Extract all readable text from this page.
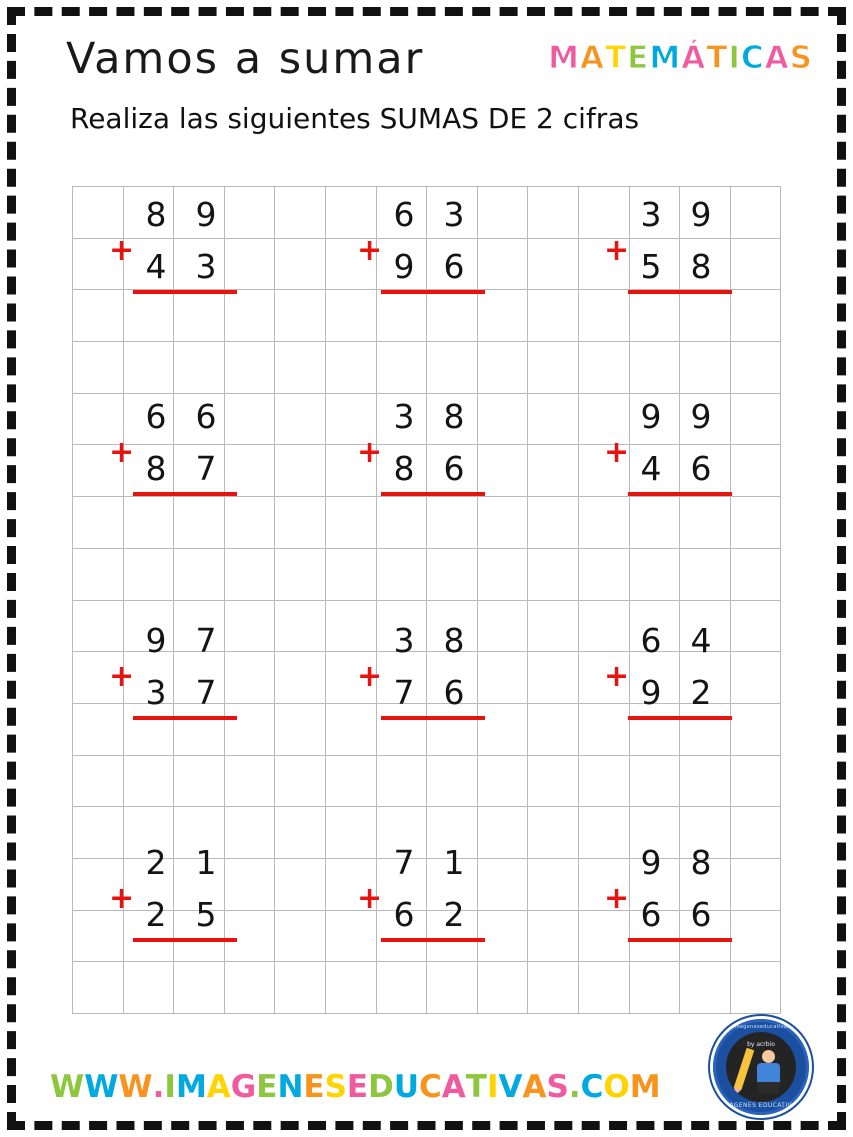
Vamos a sumar	MATEMÁTICAS
Realiza las siguientes SUMAS DE 2 cifras

+
8 9
4 3	+
6 3
9 6	+
3 9
5 8
+
6 6
8 7	+
3 8
8 6	+
9 9
4 6
+
9 7
3 7	+
3 8
7 6	+
6 4
9 2
+
2 1
2 5	+
7 1
6 2	+
9 8
6 6
WWW.IMAGENESEDUCATIVAS.COM
www.imageneseducativas.com
by acrbio
IMAGENES EDUCATIVAS
